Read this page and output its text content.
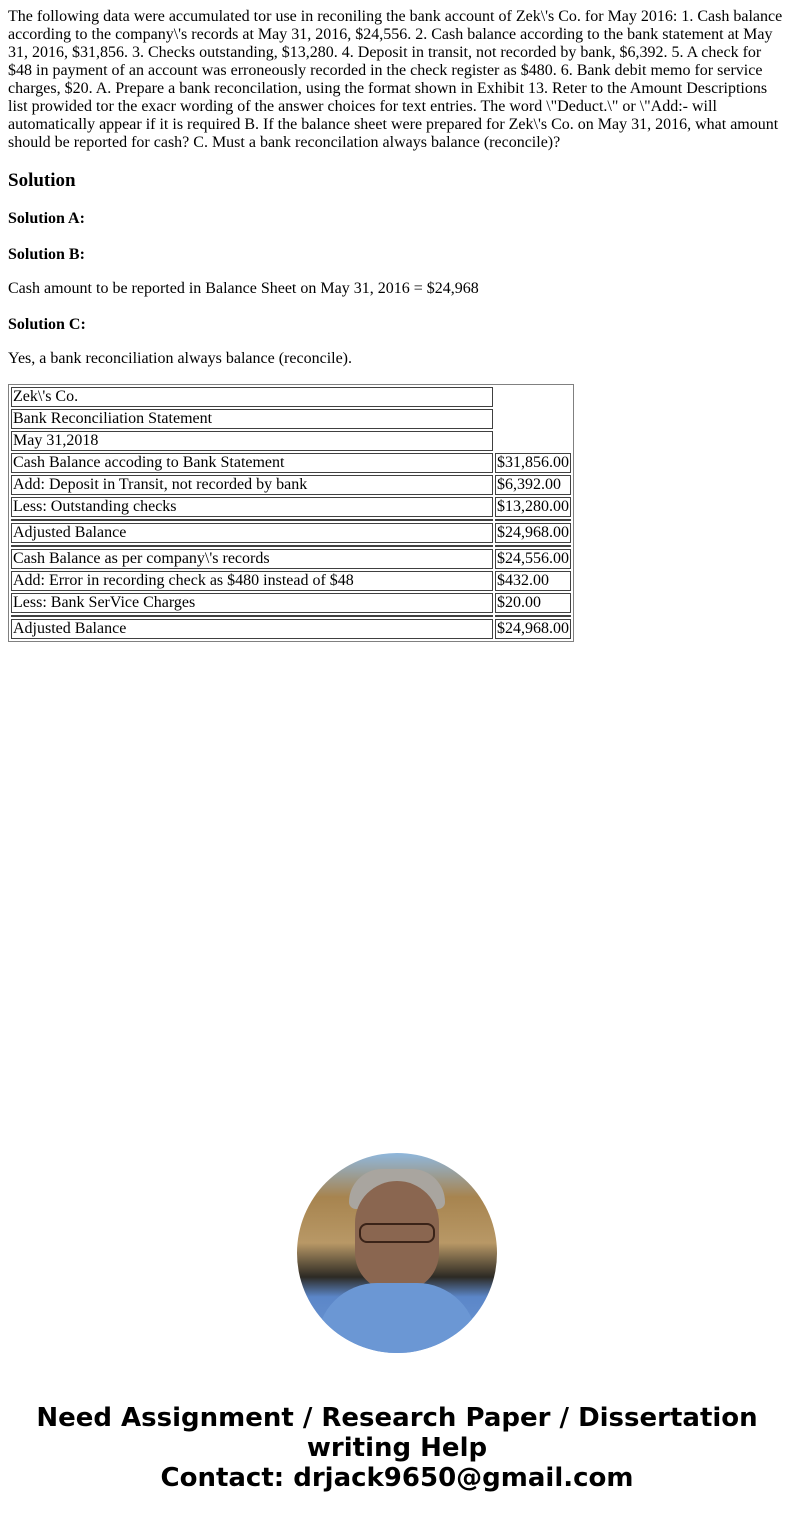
The following data were accumulated tor use in reconiling the bank account of Zek\'s Co. for May 2016: 1. Cash balance according to the company\'s records at May 31, 2016, $24,556. 2. Cash balance according to the bank statement at May 31, 2016, $31,856. 3. Checks outstanding, $13,280. 4. Deposit in transit, not recorded by bank, $6,392. 5. A check for $48 in payment of an account was erroneously recorded in the check register as $480. 6. Bank debit memo for service charges, $20. A. Prepare a bank reconcilation, using the format shown in Exhibit 13. Reter to the Amount Descriptions list prowided tor the exacr wording of the answer choices for text entries. The word \"Deduct.\" or \"Add:- will automatically appear if it is required B. If the balance sheet were prepared for Zek\'s Co. on May 31, 2016, what amount should be reported for cash? C. Must a bank reconcilation always balance (reconcile)?

Solution

Solution A:

Solution B:

Cash amount to be reported in Balance Sheet on May 31, 2016 = $24,968

Solution C:

Yes, a bank reconciliation always balance (reconcile).

Zek\'s Co.	
Bank Reconciliation Statement	
May 31,2018	
Cash Balance accoding to Bank Statement	$31,856.00
Add: Deposit in Transit, not recorded by bank	$6,392.00
Less: Outstanding checks	$13,280.00

Adjusted Balance	$24,968.00

Cash Balance as per company\'s records	$24,556.00
Add: Error in recording check as $480 instead of $48	$432.00
Less: Bank SerVice Charges	$20.00

Adjusted Balance	$24,968.00
Need Assignment / Research Paper / Dissertation writing Help
Contact: drjack9650@gmail.com
